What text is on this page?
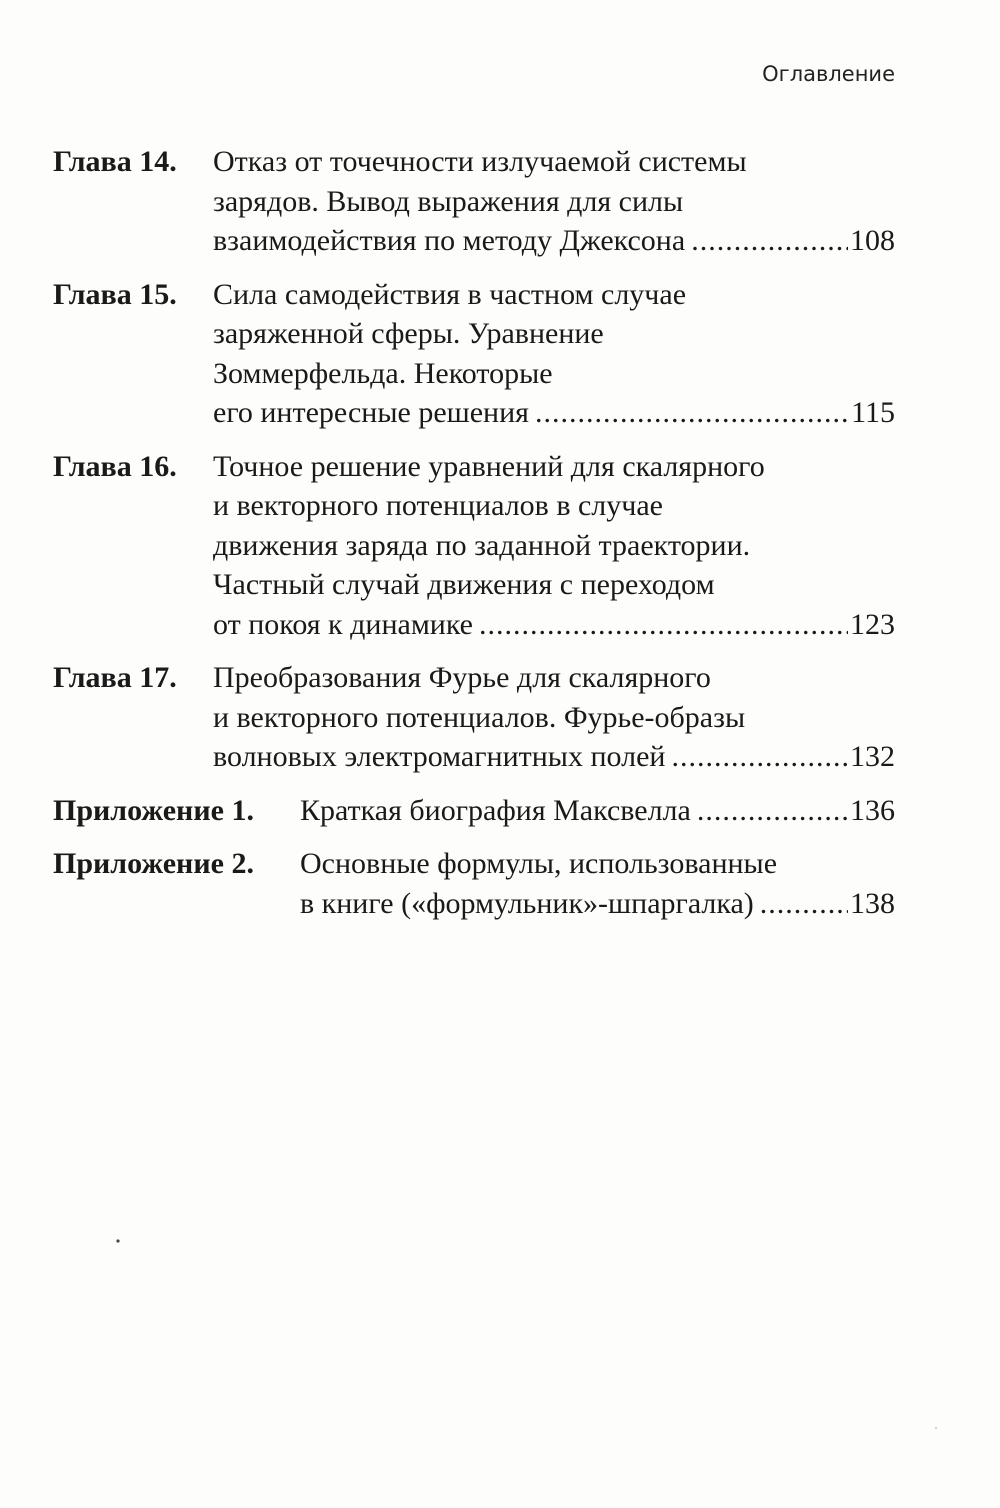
Оглавление
Глава 14.	Отказ от точечности излучаемой системы
зарядов. Вывод выражения для силы
взаимодействия по методу Джексона .....	108
Глава 15.	Сила самодействия в частном случае
заряженной сферы. Уравнение
Зоммерфельда. Некоторые
его интересные решения .....	115
Глава 16.	Точное решение уравнений для скалярного
и векторного потенциалов в случае
движения заряда по заданной траектории.
Частный случай движения с переходом
от покоя к динамике .....	123
Глава 17.	Преобразования Фурье для скалярного
и векторного потенциалов. Фурье-образы
волновых электромагнитных полей .....	132
Приложение 1.	Краткая биография Максвелла .....	136
Приложение 2.	Основные формулы, использованные
в книге («формульник»-шпаргалка) .....	138
